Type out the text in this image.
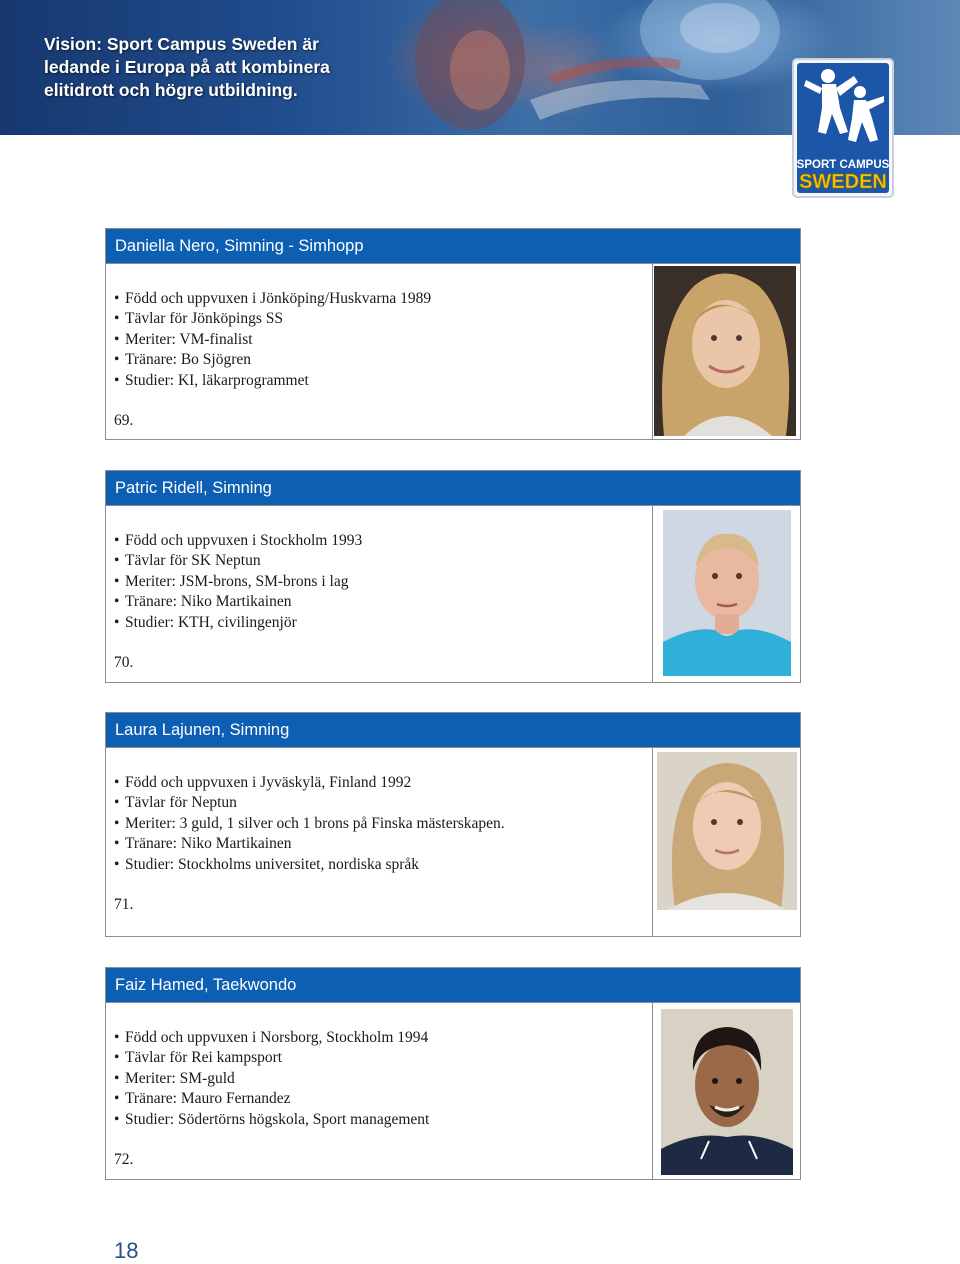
Vision: Sport Campus Sweden är
ledande i Europa på att kombinera
elitidrott och högre utbildning.
SPORT CAMPUS
SWEDEN
Daniella Nero, Simning - Simhopp
• Född och uppvuxen i Jönköping/Huskvarna 1989
• Tävlar för Jönköpings SS
• Meriter: VM-finalist
• Tränare: Bo Sjögren
• Studier: KI, läkarprogrammet
69.
Patric Ridell, Simning
• Född och uppvuxen i Stockholm 1993
• Tävlar för SK Neptun
• Meriter: JSM-brons, SM-brons i lag
• Tränare: Niko Martikainen
• Studier: KTH, civilingenjör
70.
Laura Lajunen, Simning
• Född och uppvuxen i Jyväskylä, Finland 1992
• Tävlar för Neptun
• Meriter: 3 guld, 1 silver och 1 brons på Finska mästerskapen.
• Tränare: Niko Martikainen
• Studier: Stockholms universitet, nordiska språk
71.
Faiz Hamed, Taekwondo
• Född och uppvuxen i Norsborg, Stockholm 1994
• Tävlar för Rei kampsport
• Meriter: SM-guld
• Tränare: Mauro Fernandez
• Studier: Södertörns högskola, Sport management
72.
18
